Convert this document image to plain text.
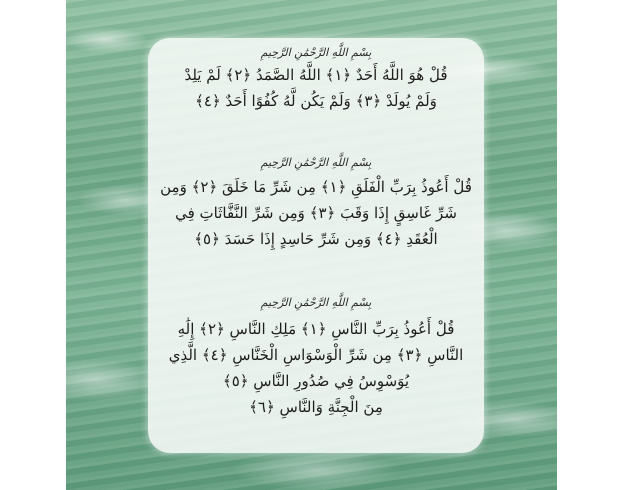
بِسْمِ اللَّهِ الرَّحْمَٰنِ الرَّحِيمِ
قُلْ هُوَ اللَّهُ أَحَدٌ ﴿١﴾ اللَّهُ الصَّمَدُ ﴿٢﴾ لَمْ يَلِدْ
وَلَمْ يُولَدْ ﴿٣﴾ وَلَمْ يَكُن لَّهُ كُفُوًا أَحَدٌ ﴿٤﴾
بِسْمِ اللَّهِ الرَّحْمَٰنِ الرَّحِيمِ
قُلْ أَعُوذُ بِرَبِّ الْفَلَقِ ﴿١﴾ مِن شَرِّ مَا خَلَقَ ﴿٢﴾ وَمِن
شَرِّ غَاسِقٍ إِذَا وَقَبَ ﴿٣﴾ وَمِن شَرِّ النَّفَّاثَاتِ فِي
الْعُقَدِ ﴿٤﴾ وَمِن شَرِّ حَاسِدٍ إِذَا حَسَدَ ﴿٥﴾
بِسْمِ اللَّهِ الرَّحْمَٰنِ الرَّحِيمِ
قُلْ أَعُوذُ بِرَبِّ النَّاسِ ﴿١﴾ مَلِكِ النَّاسِ ﴿٢﴾ إِلَٰهِ
النَّاسِ ﴿٣﴾ مِن شَرِّ الْوَسْوَاسِ الْخَنَّاسِ ﴿٤﴾ الَّذِي
يُوَسْوِسُ فِي صُدُورِ النَّاسِ ﴿٥﴾
مِنَ الْجِنَّةِ وَالنَّاسِ ﴿٦﴾
